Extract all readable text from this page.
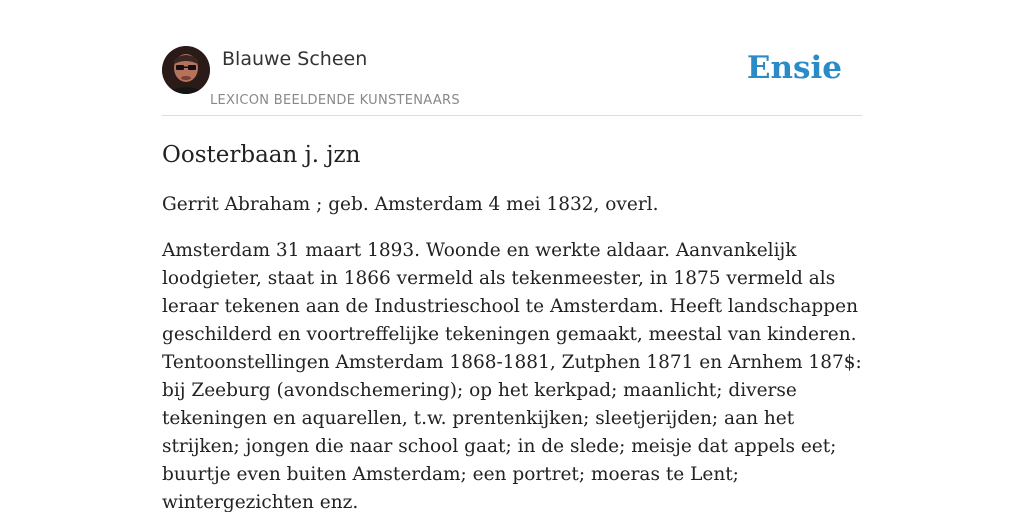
Blauwe Scheen
LEXICON BEELDENDE KUNSTENAARS
Ensie
Oosterbaan j. jzn

Gerrit Abraham ; geb. Amsterdam 4 mei 1832, overl.

Amsterdam 31 maart 1893. Woonde en werkte aldaar. Aanvankelijk loodgieter, staat in 1866 vermeld als tekenmeester, in 1875 vermeld als leraar tekenen aan de Industrieschool te Amsterdam. Heeft landschappen geschilderd en voortreffelijke tekeningen gemaakt, meestal van kinderen. Tentoonstellingen Amsterdam 1868-1881, Zutphen 1871 en Arnhem 187$: bij Zeeburg (avondschemering); op het kerkpad; maanlicht; diverse tekeningen en aquarellen, t.w. prentenkijken; sleetjerijden; aan het strijken; jongen die naar school gaat; in de slede; meisje dat appels eet; buurtje even buiten Amsterdam; een portret; moeras te Lent; wintergezichten enz.
